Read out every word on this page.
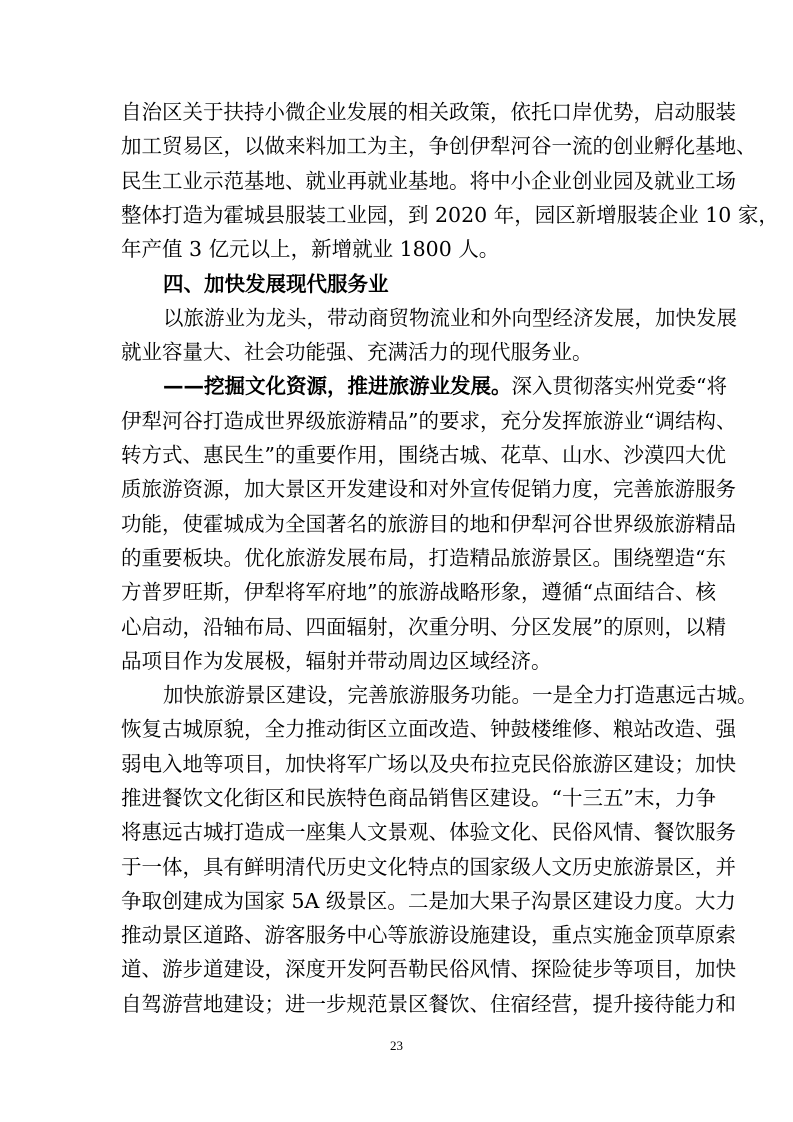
自治区关于扶持小微企业发展的相关政策，依托口岸优势，启动服装
加工贸易区，以做来料加工为主，争创伊犁河谷一流的创业孵化基地、
民生工业示范基地、就业再就业基地。将中小企业创业园及就业工场
整体打造为霍城县服装工业园，到 2020 年，园区新增服装企业 10 家，
年产值 3 亿元以上，新增就业 1800 人。
四、加快发展现代服务业
以旅游业为龙头，带动商贸物流业和外向型经济发展，加快发展
就业容量大、社会功能强、充满活力的现代服务业。
——挖掘文化资源，推进旅游业发展。深入贯彻落实州党委“将
伊犁河谷打造成世界级旅游精品”的要求，充分发挥旅游业“调结构、
转方式、惠民生”的重要作用，围绕古城、花草、山水、沙漠四大优
质旅游资源，加大景区开发建设和对外宣传促销力度，完善旅游服务
功能，使霍城成为全国著名的旅游目的地和伊犁河谷世界级旅游精品
的重要板块。优化旅游发展布局，打造精品旅游景区。围绕塑造“东
方普罗旺斯，伊犁将军府地”的旅游战略形象，遵循“点面结合、核
心启动，沿轴布局、四面辐射，次重分明、分区发展”的原则，以精
品项目作为发展极，辐射并带动周边区域经济。
加快旅游景区建设，完善旅游服务功能。一是全力打造惠远古城。
恢复古城原貌，全力推动街区立面改造、钟鼓楼维修、粮站改造、强
弱电入地等项目，加快将军广场以及央布拉克民俗旅游区建设；加快
推进餐饮文化街区和民族特色商品销售区建设。“十三五”末，力争
将惠远古城打造成一座集人文景观、体验文化、民俗风情、餐饮服务
于一体，具有鲜明清代历史文化特点的国家级人文历史旅游景区，并
争取创建成为国家 5A 级景区。二是加大果子沟景区建设力度。大力
推动景区道路、游客服务中心等旅游设施建设，重点实施金顶草原索
道、游步道建设，深度开发阿吾勒民俗风情、探险徒步等项目，加快
自驾游营地建设；进一步规范景区餐饮、住宿经营，提升接待能力和
23
